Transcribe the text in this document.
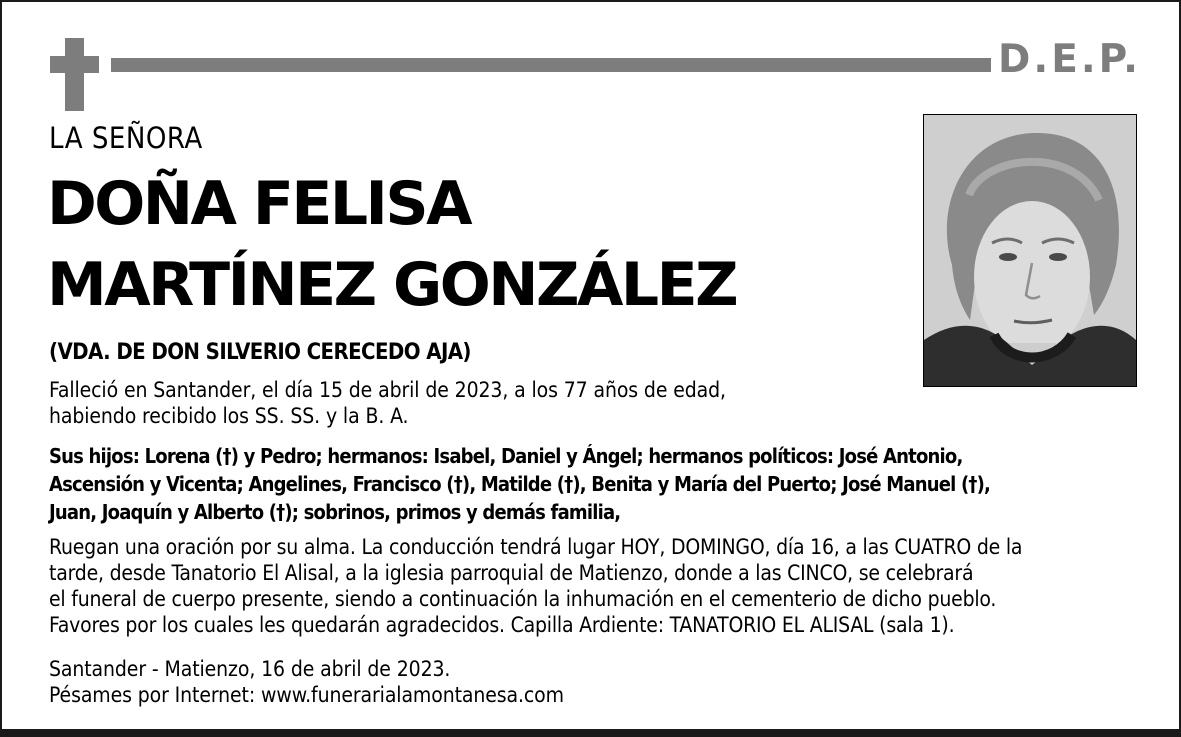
D.E.P.
LA SEÑORA
DOÑA FELISA
MARTÍNEZ GONZÁLEZ
(VDA. DE DON SILVERIO CERECEDO AJA)
Falleció en Santander, el día 15 de abril de 2023, a los 77 años de edad,
habiendo recibido los SS. SS. y la B. A.
Sus hijos: Lorena (†) y Pedro; hermanos: Isabel, Daniel y Ángel; hermanos políticos: José Antonio,
Ascensión y Vicenta; Angelines, Francisco (†), Matilde (†), Benita y María del Puerto; José Manuel (†),
Juan, Joaquín y Alberto (†); sobrinos, primos y demás familia,
Ruegan una oración por su alma. La conducción tendrá lugar HOY, DOMINGO, día 16, a las CUATRO de la
tarde, desde Tanatorio El Alisal, a la iglesia parroquial de Matienzo, donde a las CINCO, se celebrará
el funeral de cuerpo presente, siendo a continuación la inhumación en el cementerio de dicho pueblo.
Favores por los cuales les quedarán agradecidos. Capilla Ardiente: TANATORIO EL ALISAL (sala 1).
Santander - Matienzo, 16 de abril de 2023.
Pésames por Internet: www.funerarialamontanesa.com
